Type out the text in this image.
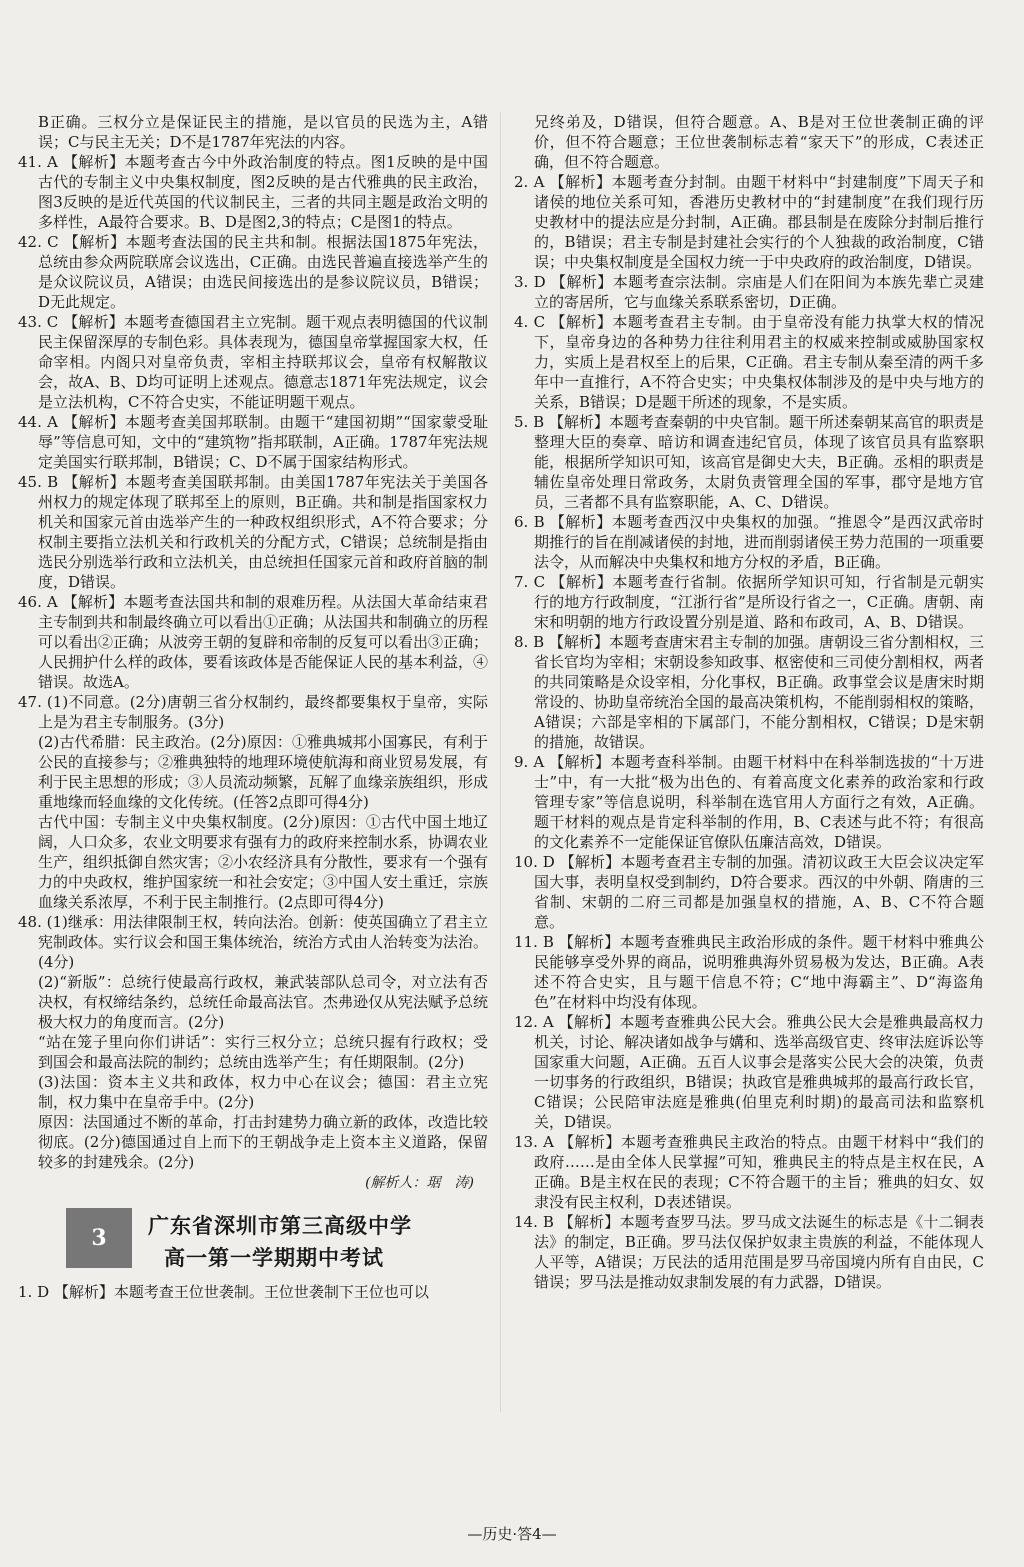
B正确。三权分立是保证民主的措施，是以官员的民选为主，A错误；C与民主无关；D不是1787年宪法的内容。

41. A 【解析】本题考查古今中外政治制度的特点。图1反映的是中国古代的专制主义中央集权制度，图2反映的是古代雅典的民主政治，图3反映的是近代英国的代议制民主，三者的共同主题是政治文明的多样性，A最符合要求。B、D是图2,3的特点；C是图1的特点。

42. C 【解析】本题考查法国的民主共和制。根据法国1875年宪法，总统由参众两院联席会议选出，C正确。由选民普遍直接选举产生的是众议院议员，A错误；由选民间接选出的是参议院议员，B错误；D无此规定。

43. C 【解析】本题考查德国君主立宪制。题干观点表明德国的代议制民主保留深厚的专制色彩。具体表现为，德国皇帝掌握国家大权，任命宰相。内阁只对皇帝负责，宰相主持联邦议会，皇帝有权解散议会，故A、B、D均可证明上述观点。德意志1871年宪法规定，议会是立法机构，C不符合史实，不能证明题干观点。

44. A 【解析】本题考查美国邦联制。由题干“建国初期”“国家蒙受耻辱”等信息可知，文中的“建筑物”指邦联制，A正确。1787年宪法规定美国实行联邦制，B错误；C、D不属于国家结构形式。

45. B 【解析】本题考查美国联邦制。由美国1787年宪法关于美国各州权力的规定体现了联邦至上的原则，B正确。共和制是指国家权力机关和国家元首由选举产生的一种政权组织形式，A不符合要求；分权制主要指立法机关和行政机关的分配方式，C错误；总统制是指由选民分别选举行政和立法机关，由总统担任国家元首和政府首脑的制度，D错误。

46. A 【解析】本题考查法国共和制的艰难历程。从法国大革命结束君主专制到共和制最终确立可以看出①正确；从法国共和制确立的历程可以看出②正确；从波旁王朝的复辟和帝制的反复可以看出③正确；人民拥护什么样的政体，要看该政体是否能保证人民的基本利益，④错误。故选A。

47. (1)不同意。(2分)唐朝三省分权制约，最终都要集权于皇帝，实际上是为君主专制服务。(3分)

(2)古代希腊：民主政治。(2分)原因：①雅典城邦小国寡民，有利于公民的直接参与；②雅典独特的地理环境使航海和商业贸易发展，有利于民主思想的形成；③人员流动频繁，瓦解了血缘亲族组织，形成重地缘而轻血缘的文化传统。(任答2点即可得4分)

古代中国：专制主义中央集权制度。(2分)原因：①古代中国土地辽阔，人口众多，农业文明要求有强有力的政府来控制水系，协调农业生产，组织抵御自然灾害；②小农经济具有分散性，要求有一个强有力的中央政权，维护国家统一和社会安定；③中国人安土重迁，宗族血缘关系浓厚，不利于民主制推行。(2点即可得4分)

48. (1)继承：用法律限制王权，转向法治。创新：使英国确立了君主立宪制政体。实行议会和国王集体统治，统治方式由人治转变为法治。(4分)

(2)“新版”：总统行使最高行政权，兼武装部队总司令，对立法有否决权，有权缔结条约，总统任命最高法官。杰弗逊仅从宪法赋予总统极大权力的角度而言。(2分)

“站在笼子里向你们讲话”：实行三权分立；总统只握有行政权；受到国会和最高法院的制约；总统由选举产生；有任期限制。(2分)

(3)法国：资本主义共和政体，权力中心在议会；德国：君主立宪制，权力集中在皇帝手中。(2分)

原因：法国通过不断的革命，打击封建势力确立新的政体，改造比较彻底。(2分)德国通过自上而下的王朝战争走上资本主义道路，保留较多的封建残余。(2分)

(解析人：琚　涛)
3	广东省深圳市第三高级中学
高一第一学期期中考试

1. D 【解析】本题考查王位世袭制。王位世袭制下王位也可以

兄终弟及，D错误，但符合题意。A、B是对王位世袭制正确的评价，但不符合题意；王位世袭制标志着“家天下”的形成，C表述正确，但不符合题意。

2. A 【解析】本题考查分封制。由题干材料中“封建制度”下周天子和诸侯的地位关系可知，香港历史教材中的“封建制度”在我们现行历史教材中的提法应是分封制，A正确。郡县制是在废除分封制后推行的，B错误；君主专制是封建社会实行的个人独裁的政治制度，C错误；中央集权制度是全国权力统一于中央政府的政治制度，D错误。

3. D 【解析】本题考查宗法制。宗庙是人们在阳间为本族先辈亡灵建立的寄居所，它与血缘关系联系密切，D正确。

4. C 【解析】本题考查君主专制。由于皇帝没有能力执掌大权的情况下，皇帝身边的各种势力往往利用君主的权威来控制或威胁国家权力，实质上是君权至上的后果，C正确。君主专制从秦至清的两千多年中一直推行，A不符合史实；中央集权体制涉及的是中央与地方的关系，B错误；D是题干所述的现象，不是实质。

5. B 【解析】本题考查秦朝的中央官制。题干所述秦朝某高官的职责是整理大臣的奏章、暗访和调查违纪官员，体现了该官员具有监察职能，根据所学知识可知，该高官是御史大夫，B正确。丞相的职责是辅佐皇帝处理日常政务，太尉负责管理全国的军事，郡守是地方官员，三者都不具有监察职能，A、C、D错误。

6. B 【解析】本题考查西汉中央集权的加强。“推恩令”是西汉武帝时期推行的旨在削减诸侯的封地，进而削弱诸侯王势力范围的一项重要法令，从而解决中央集权和地方分权的矛盾，B正确。

7. C 【解析】本题考查行省制。依据所学知识可知，行省制是元朝实行的地方行政制度，“江浙行省”是所设行省之一，C正确。唐朝、南宋和明朝的地方行政设置分别是道、路和布政司，A、B、D错误。

8. B 【解析】本题考查唐宋君主专制的加强。唐朝设三省分割相权，三省长官均为宰相；宋朝设参知政事、枢密使和三司使分割相权，两者的共同策略是众设宰相，分化事权，B正确。政事堂会议是唐宋时期常设的、协助皇帝统治全国的最高决策机构，不能削弱相权的策略，A错误；六部是宰相的下属部门，不能分割相权，C错误；D是宋朝的措施，故错误。

9. A 【解析】本题考查科举制。由题干材料中在科举制选拔的“十万进士”中，有一大批“极为出色的、有着高度文化素养的政治家和行政管理专家”等信息说明，科举制在选官用人方面行之有效，A正确。题干材料的观点是肯定科举制的作用，B、C表述与此不符；有很高的文化素养不一定能保证官僚队伍廉洁高效，D错误。

10. D 【解析】本题考查君主专制的加强。清初议政王大臣会议决定军国大事，表明皇权受到制约，D符合要求。西汉的中外朝、隋唐的三省制、宋朝的二府三司都是加强皇权的措施，A、B、C不符合题意。

11. B 【解析】本题考查雅典民主政治形成的条件。题干材料中雅典公民能够享受外界的商品，说明雅典海外贸易极为发达，B正确。A表述不符合史实，且与题干信息不符；C“地中海霸主”、D“海盗角色”在材料中均没有体现。

12. A 【解析】本题考查雅典公民大会。雅典公民大会是雅典最高权力机关，讨论、解决诸如战争与媾和、选举高级官吏、终审法庭诉讼等国家重大问题，A正确。五百人议事会是落实公民大会的决策，负责一切事务的行政组织，B错误；执政官是雅典城邦的最高行政长官，C错误；公民陪审法庭是雅典(伯里克利时期)的最高司法和监察机关，D错误。

13. A 【解析】本题考查雅典民主政治的特点。由题干材料中“我们的政府……是由全体人民掌握”可知，雅典民主的特点是主权在民，A正确。B是主权在民的表现；C不符合题干的主旨；雅典的妇女、奴隶没有民主权利，D表述错误。

14. B 【解析】本题考查罗马法。罗马成文法诞生的标志是《十二铜表法》的制定，B正确。罗马法仅保护奴隶主贵族的利益，不能体现人人平等，A错误；万民法的适用范围是罗马帝国境内所有自由民，C错误；罗马法是推动奴隶制发展的有力武器，D错误。

—历史·答4—
